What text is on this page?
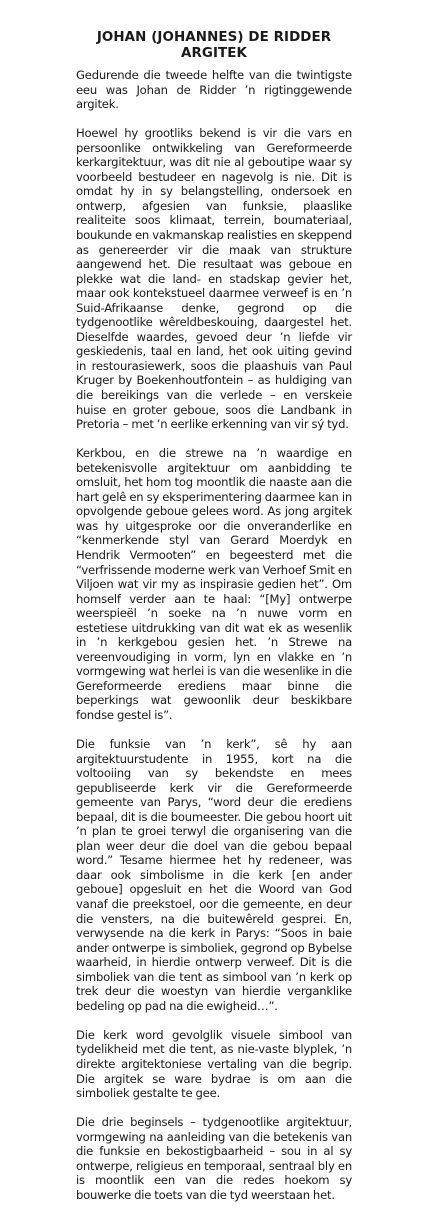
JOHAN (JOHANNES) DE RIDDER
ARGITEK

Gedurende die tweede helfte van die twintigste eeu was Johan de Ridder ’n rigtinggewende argitek.

Hoewel hy grootliks bekend is vir die vars en persoonlike ontwikkeling van Gereformeerde kerkargitektuur, was dit nie al geboutipe waar sy voorbeeld bestudeer en nagevolg is nie. Dit is omdat hy in sy belangstelling, ondersoek en ontwerp, afgesien van funksie, plaaslike realiteite soos klimaat, terrein, boumateriaal, boukunde en vakmanskap realisties en skeppend as genereerder vir die maak van strukture aangewend het. Die resultaat was geboue en plekke wat die land- en stadskap gevier het, maar ook kontekstueel daarmee verweef is en ’n Suid-Afrikaanse denke, gegrond op die tydgenootlike wêreldbeskouing, daargestel het. Dieselfde waardes, gevoed deur ’n liefde vir geskiedenis, taal en land, het ook uiting gevind in restourasiewerk, soos die plaashuis van Paul Kruger by Boekenhoutfontein – as huldiging van die bereikings van die verlede – en verskeie huise en groter geboue, soos die Landbank in Pretoria – met ’n eerlike erkenning van vir sý tyd.

Kerkbou, en die strewe na ’n waardige en betekenisvolle argitektuur om aanbidding te omsluit, het hom tog moontlik die naaste aan die hart gelê en sy eksperimentering daarmee kan in opvolgende geboue gelees word. As jong argitek was hy uitgesproke oor die onveranderlike en “kenmerkende styl van Gerard Moerdyk en Hendrik Vermooten” en begeesterd met die “verfrissende moderne werk van Verhoef Smit en Viljoen wat vir my as inspirasie gedien het”. Om homself verder aan te haal: “[My] ontwerpe weerspieël ’n soeke na ’n nuwe vorm en estetiese uitdrukking van dit wat ek as wesenlik in ’n kerkgebou gesien het. ’n Strewe na vereenvoudiging in vorm, lyn en vlakke en ’n vormgewing wat herlei is van die wesenlike in die Gereformeerde erediens maar binne die beperkings wat gewoonlik deur beskikbare fondse gestel is”.

Die funksie van ’n kerk”, sê hy aan argitektuurstudente in 1955, kort na die voltooiing van sy bekendste en mees gepubliseerde kerk vir die Gereformeerde gemeente van Parys, “word deur die erediens bepaal, dit is die boumeester. Die gebou hoort uit ’n plan te groei terwyl die organisering van die plan weer deur die doel van die gebou bepaal word.” Tesame hiermee het hy redeneer, was daar ook simbolisme in die kerk [en ander geboue] opgesluit en het die Woord van God vanaf die preekstoel, oor die gemeente, en deur die vensters, na die buitewêreld gesprei. En, verwysende na die kerk in Parys: “Soos in baie ander ontwerpe is simboliek, gegrond op Bybelse waarheid, in hierdie ontwerp verweef. Dit is die simboliek van die tent as simbool van ’n kerk op trek deur die woestyn van hierdie verganklike bedeling op pad na die ewigheid…”.

Die kerk word gevolglik visuele simbool van tydelikheid met die tent, as nie-vaste blyplek, ’n direkte argitektoniese vertaling van die begrip. Die argitek se ware bydrae is om aan die simboliek gestalte te gee.

Die drie beginsels – tydgenootlike argitektuur, vormgewing na aanleiding van die betekenis van die funksie en bekostigbaarheid – sou in al sy ontwerpe, religieus en temporaal, sentraal bly en is moontlik een van die redes hoekom sy bouwerke die toets van die tyd weerstaan het.
